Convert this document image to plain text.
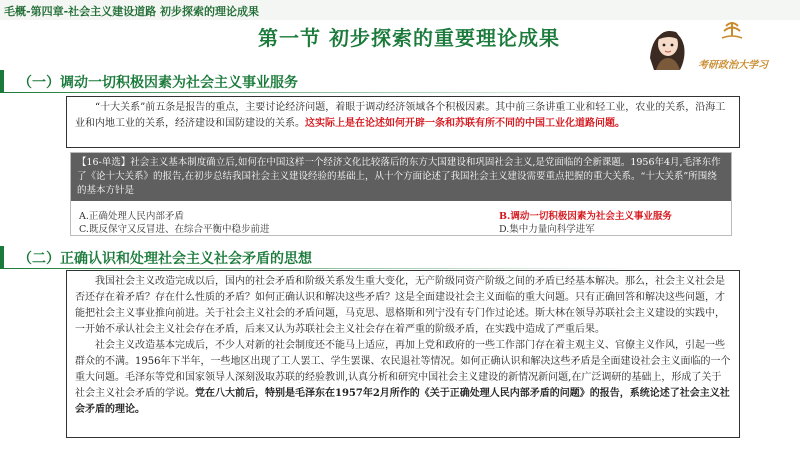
毛概-第四章-社会主义建设道路 初步探索的理论成果
第一节 初步探索的重要理论成果
考研政治大学习
（一）调动一切积极因素为社会主义事业服务

“十大关系”前五条是报告的重点，主要讨论经济问题，着眼于调动经济领域各个积极因素。其中前三条讲重工业和轻工业，农业的关系，沿海工业和内地工业的关系，经济建设和国防建设的关系。这实际上是在论述如何开辟一条和苏联有所不同的中国工业化道路问题。

【16-单选】社会主义基本制度确立后,如何在中国这样一个经济文化比较落后的东方大国建设和巩固社会主义,是党面临的全新课题。1956年4月,毛泽东作了《论十大关系》的报告,在初步总结我国社会主义建设经验的基础上，从十个方面论述了我国社会主义建设需要重点把握的重大关系。“十大关系”所围绕的基本方针是
A.正确处理人民内部矛盾	B.调动一切积极因素为社会主义事业服务
C.既反保守又反冒进、在综合平衡中稳步前进	D.集中力量向科学进军
（二）正确认识和处理社会主义社会矛盾的思想

我国社会主义改造完成以后，国内的社会矛盾和阶级关系发生重大变化，无产阶级同资产阶级之间的矛盾已经基本解决。那么，社会主义社会是否还存在着矛盾？存在什么性质的矛盾？如何正确认识和解决这些矛盾？这是全面建设社会主义面临的重大问题。只有正确回答和解决这些问题，才能把社会主义事业推向前进。关于社会主义社会的矛盾问题，马克思、恩格斯和列宁没有专门作过论述。斯大林在领导苏联社会主义建设的实践中，一开始不承认社会主义社会存在矛盾，后来又认为苏联社会主义社会存在着严重的阶级矛盾，在实践中造成了严重后果。

社会主义改造基本完成后，不少人对新的社会制度还不能马上适应，再加上党和政府的一些工作部门存在着主观主义、官僚主义作风，引起一些群众的不满。1956年下半年，一些地区出现了工人罢工、学生罢课、农民退社等情况。如何正确认识和解决这些矛盾是全面建设社会主义面临的一个重大问题。毛泽东等党和国家领导人深刻汲取苏联的经验教训,认真分析和研究中国社会主义建设的新情况新问题,在广泛调研的基础上，形成了关于社会主义社会矛盾的学说。党在八大前后，特别是毛泽东在1957年2月所作的《关于正确处理人民内部矛盾的问题》的报告，系统论述了社会主义社会矛盾的理论。
